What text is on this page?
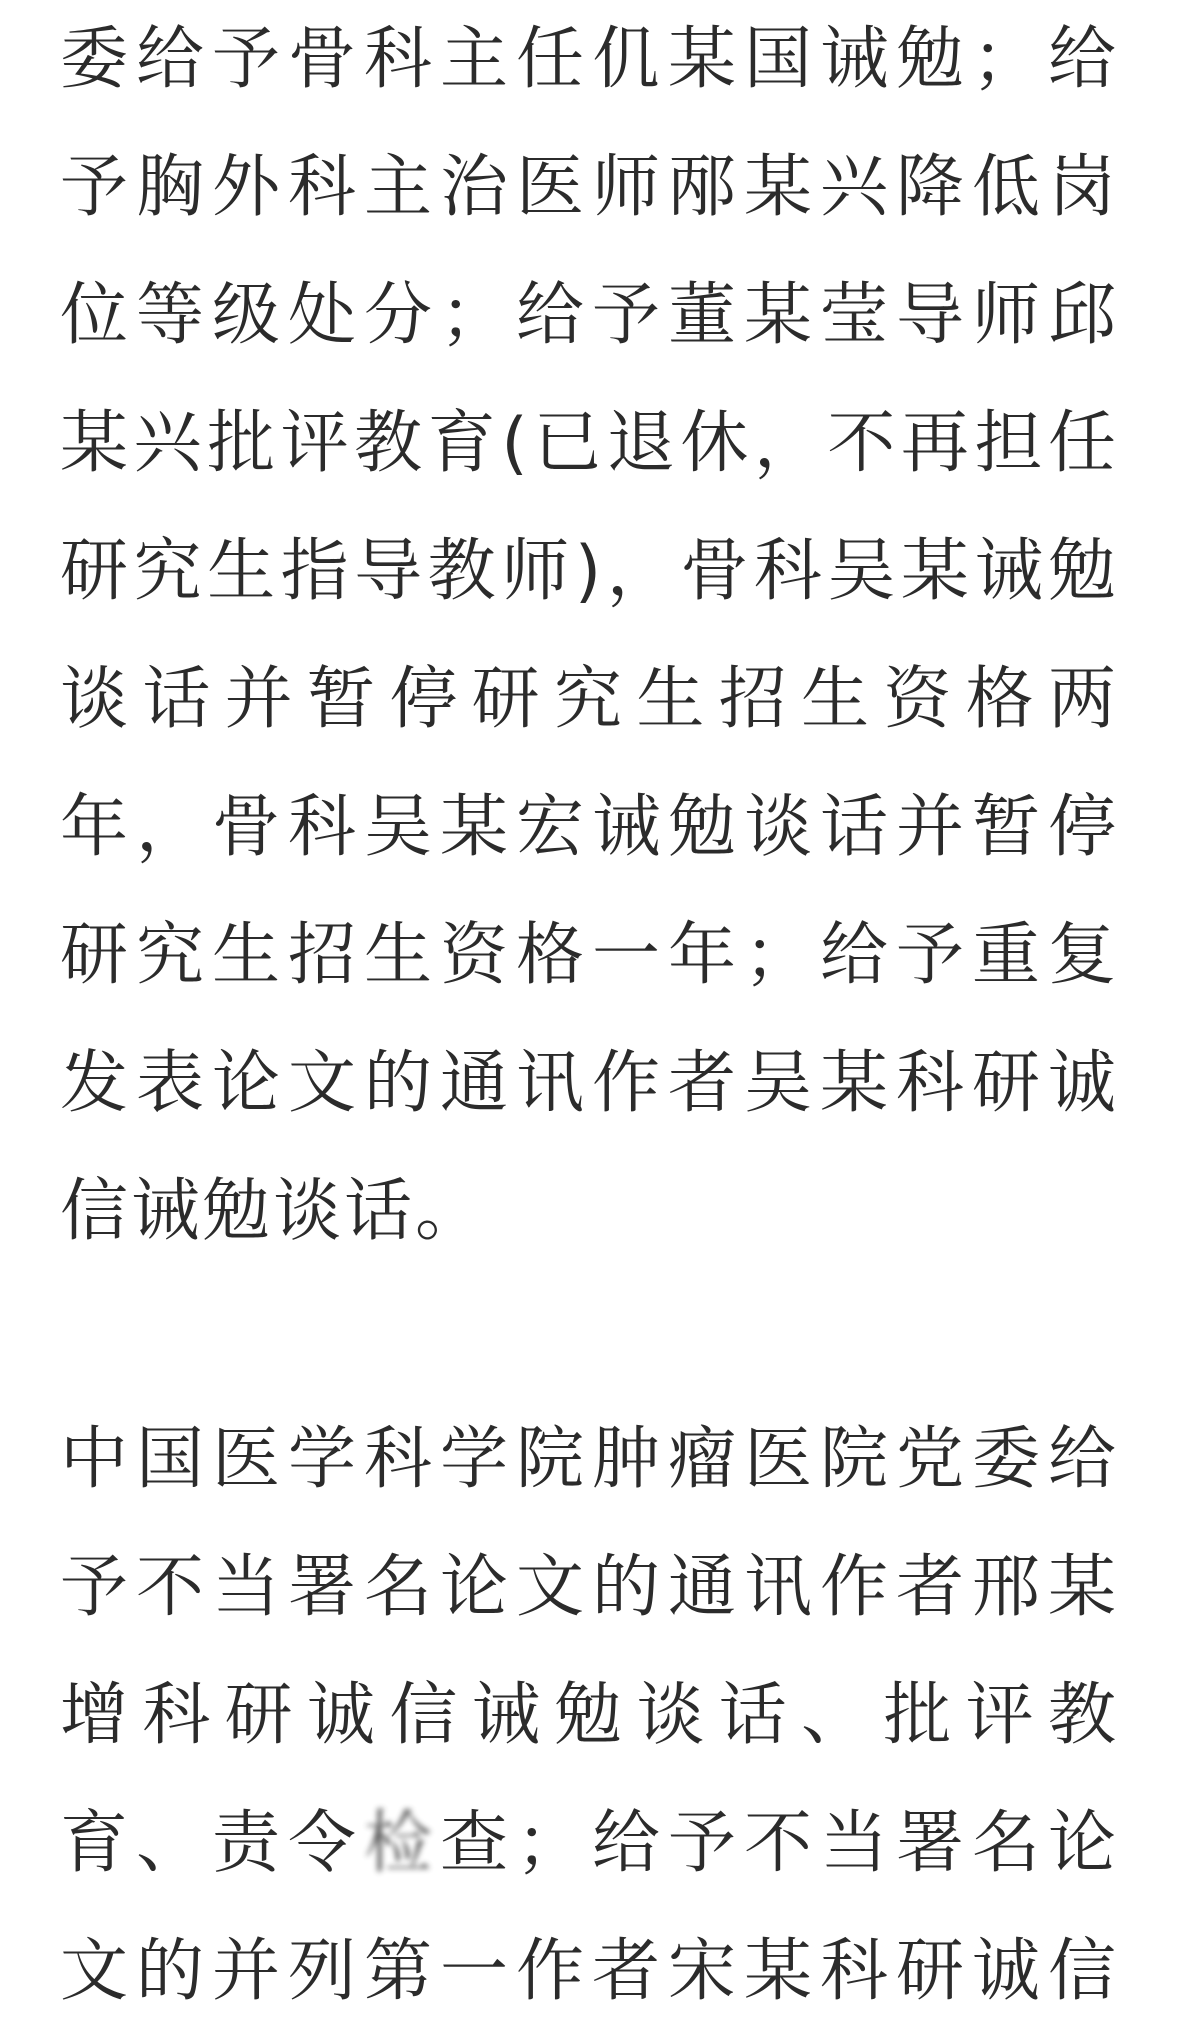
委给予骨科主任仉某国诫勉；给
予胸外科主治医师邴某兴降低岗
位等级处分；给予董某莹导师邱
某兴批评教育(已退休，不再担任
研究生指导教师)，骨科吴某诫勉
谈话并暂停研究生招生资格两
年，骨科吴某宏诫勉谈话并暂停
研究生招生资格一年；给予重复
发表论文的通讯作者吴某科研诚
信诫勉谈话。

中国医学科学院肿瘤医院党委给
予不当署名论文的通讯作者邢某
增科研诚信诫勉谈话、批评教
育、责令检查；给予不当署名论
文的并列第一作者宋某科研诚信
